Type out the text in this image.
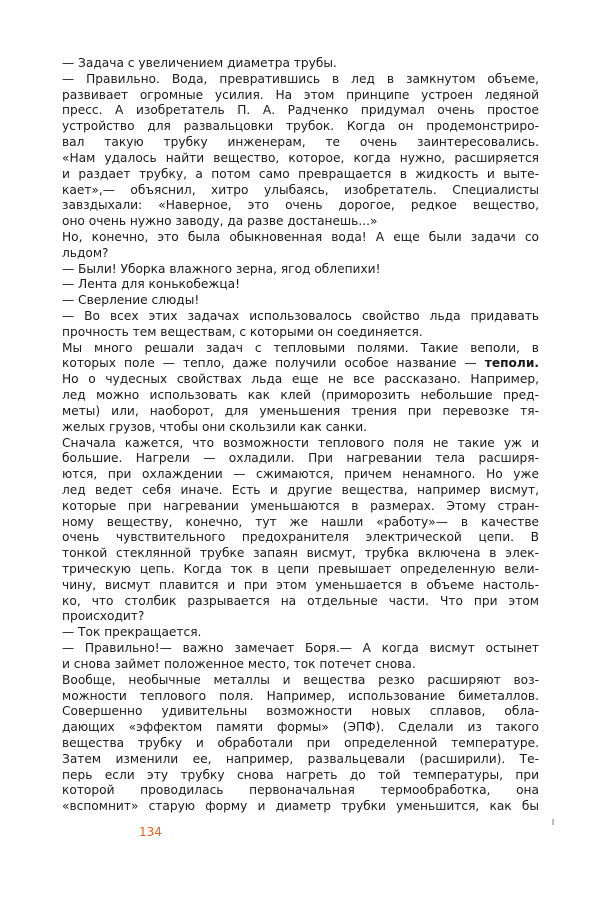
— Задача с увеличением диаметра трубы.
— Правильно. Вода, превратившись в лед в замкнутом объеме,
развивает огромные усилия. На этом принципе устроен ледяной
пресс. А изобретатель П. А. Радченко придумал очень простое
устройство для развальцовки трубок. Когда он продемонстриро-
вал такую трубку инженерам, те очень заинтересовались.
«Нам удалось найти вещество, которое, когда нужно, расширяется
и раздает трубку, а потом само превращается в жидкость и выте-
кает»,— объяснил, хитро улыбаясь, изобретатель. Специалисты
завздыхали: «Наверное, это очень дорогое, редкое вещество,
оно очень нужно заводу, да разве достанешь...»
Но, конечно, это была обыкновенная вода! А еще были задачи со
льдом?
— Были! Уборка влажного зерна, ягод облепихи!
— Лента для конькобежца!
— Сверление слюды!
— Во всех этих задачах использовалось свойство льда придавать
прочность тем веществам, с которыми он соединяется.
Мы много решали задач с тепловыми полями. Такие веполи, в
которых поле — тепло, даже получили особое название — теполи.
Но о чудесных свойствах льда еще не все рассказано. Например,
лед можно использовать как клей (приморозить небольшие пред-
меты) или, наоборот, для уменьшения трения при перевозке тя-
желых грузов, чтобы они скользили как санки.
Сначала кажется, что возможности теплового поля не такие уж и
большие. Нагрели — охладили. При нагревании тела расширя-
ются, при охлаждении — сжимаются, причем ненамного. Но уже
лед ведет себя иначе. Есть и другие вещества, например висмут,
которые при нагревании уменьшаются в размерах. Этому стран-
ному веществу, конечно, тут же нашли «работу»— в качестве
очень чувствительного предохранителя электрической цепи. В
тонкой стеклянной трубке запаян висмут, трубка включена в элек-
трическую цепь. Когда ток в цепи превышает определенную вели-
чину, висмут плавится и при этом уменьшается в объеме настоль-
ко, что столбик разрывается на отдельные части. Что при этом
происходит?
— Ток прекращается.
— Правильно!— важно замечает Боря.— А когда висмут остынет
и снова займет положенное место, ток потечет снова.
Вообще, необычные металлы и вещества резко расширяют воз-
можности теплового поля. Например, использование биметаллов.
Совершенно удивительны возможности новых сплавов, обла-
дающих «эффектом памяти формы» (ЭПФ). Сделали из такого
вещества трубку и обработали при определенной температуре.
Затем изменили ее, например, развальцевали (расширили). Те-
перь если эту трубку снова нагреть до той температуры, при
которой проводилась первоначальная термообработка, она
«вспомнит» старую форму и диаметр трубки уменьшится, как бы
134
